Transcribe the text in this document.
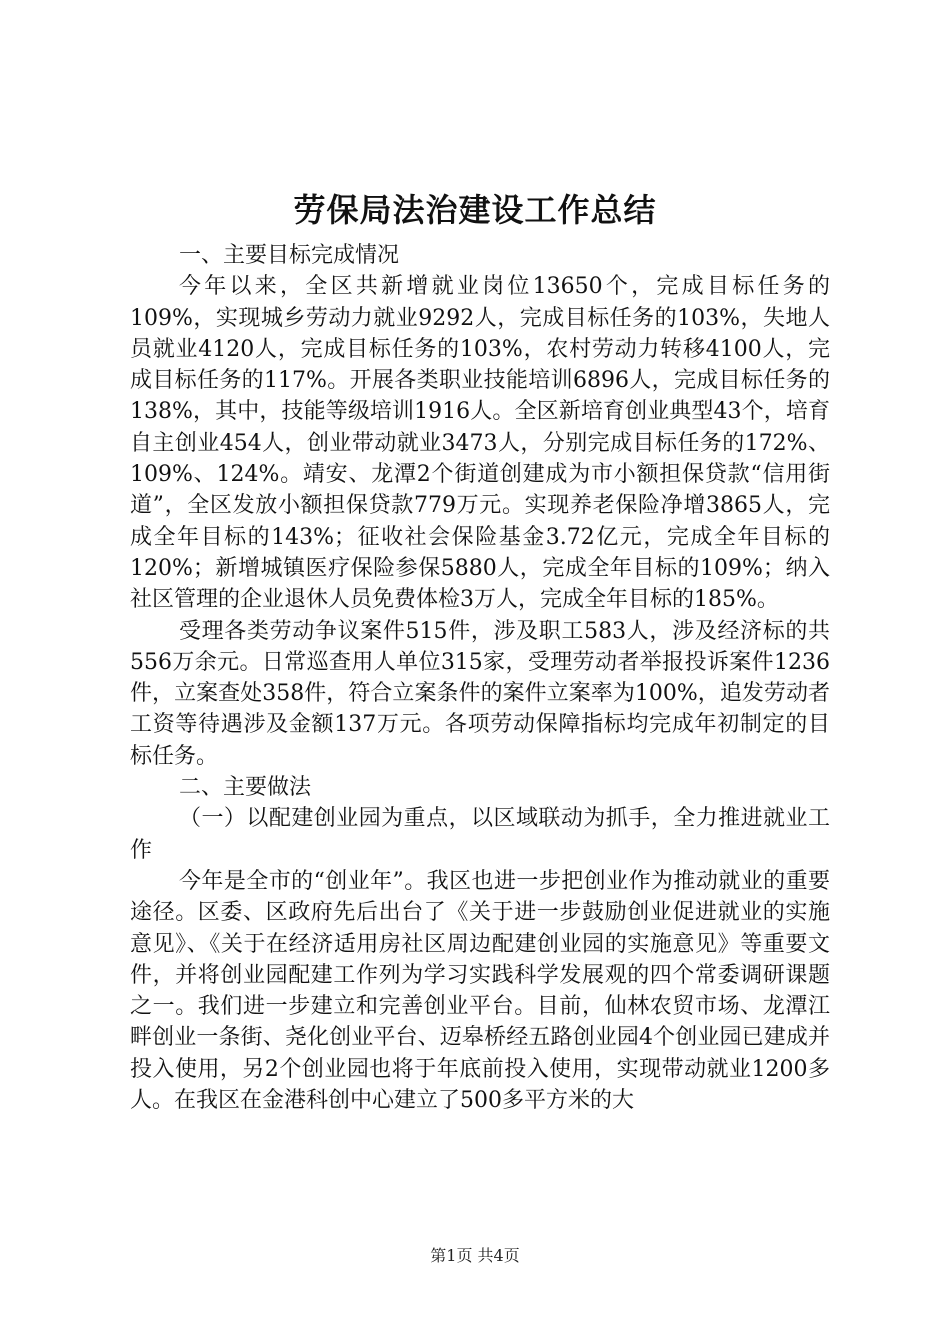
劳保局法治建设工作总结

一、主要目标完成情况

今年以来，全区共新增就业岗位13650个，完成目标任务的109%，实现城乡劳动力就业9292人，完成目标任务的103%，失地人员就业4120人，完成目标任务的103%，农村劳动力转移4100人，完成目标任务的117%。开展各类职业技能培训6896人，完成目标任务的138%，其中，技能等级培训1916人。全区新培育创业典型43个，培育自主创业454人，创业带动就业3473人，分别完成目标任务的172%、109%、124%。靖安、龙潭2个街道创建成为市小额担保贷款“信用街道”，全区发放小额担保贷款779万元。实现养老保险净增3865人，完成全年目标的143%；征收社会保险基金3.72亿元，完成全年目标的120%；新增城镇医疗保险参保5880人，完成全年目标的109%；纳入社区管理的企业退休人员免费体检3万人，完成全年目标的185%。

受理各类劳动争议案件515件，涉及职工583人，涉及经济标的共556万余元。日常巡查用人单位315家，受理劳动者举报投诉案件1236件，立案查处358件，符合立案条件的案件立案率为100%，追发劳动者工资等待遇涉及金额137万元。各项劳动保障指标均完成年初制定的目标任务。

二、主要做法

（一）以配建创业园为重点，以区域联动为抓手，全力推进就业工作

今年是全市的“创业年”。我区也进一步把创业作为推动就业的重要途径。区委、区政府先后出台了《关于进一步鼓励创业促进就业的实施意见》、《关于在经济适用房社区周边配建创业园的实施意见》等重要文件，并将创业园配建工作列为学习实践科学发展观的四个常委调研课题之一。我们进一步建立和完善创业平台。目前，仙林农贸市场、龙潭江畔创业一条街、尧化创业平台、迈皋桥经五路创业园4个创业园已建成并投入使用，另2个创业园也将于年底前投入使用，实现带动就业1200多人。在我区在金港科创中心建立了500多平方米的大

第1页 共4页
